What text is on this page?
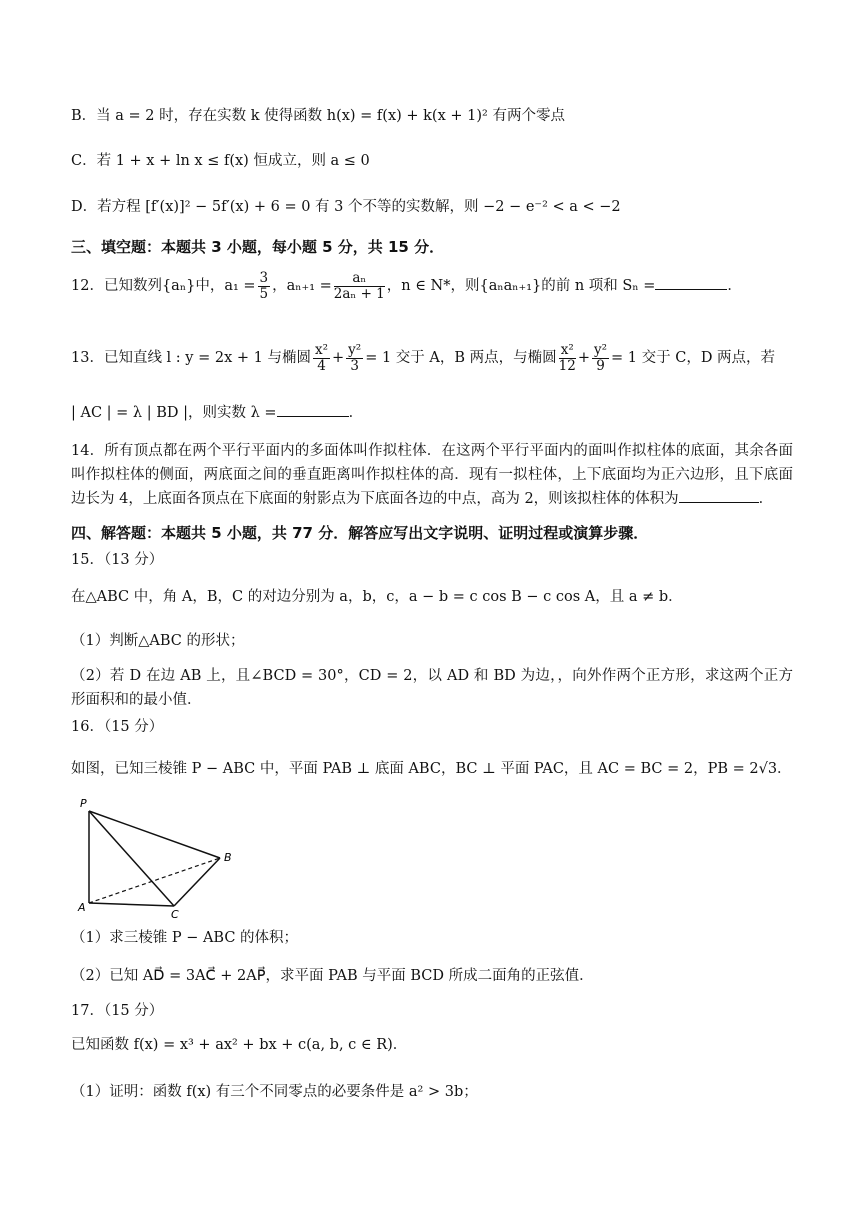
B．当 a = 2 时，存在实数 k 使得函数 h(x) = f(x) + k(x + 1)² 有两个零点
C．若 1 + x + ln x ≤ f(x) 恒成立，则 a ≤ 0
D．若方程 [f′(x)]² − 5f′(x) + 6 = 0 有 3 个不等的实数解，则 −2 − e⁻² < a < −2
三、填空题：本题共 3 小题，每小题 5 分，共 15 分．
12．已知数列{aₙ}中，$a_1 = \frac{3}{5}$ ，$a_{n+1} = \frac{\text{aₙ}}{\text{2aₙ + 1}}$ ，n ∈ N*，则{aₙaₙ₊₁}的前 n 项和 Sₙ =	．
13．已知直线 l : y = 2x + 1 与椭圆 $\frac{\text{x²}}{4} + \frac{\text{y²}}{3} = 1$ 交于 A，B 两点，与椭圆 $\frac{\text{x²}}{12} + \frac{\text{y²}}{9} = 1$ 交于 C，D 两点，若
| AC | = λ | BD |，则实数 λ =	．
14．所有顶点都在两个平行平面内的多面体叫作拟柱体．在这两个平行平面内的面叫作拟柱体的底面，其余各面叫作拟柱体的侧面，两底面之间的垂直距离叫作拟柱体的高．现有一拟柱体，上下底面均为正六边形，且下底面边长为 4，上底面各顶点在下底面的射影点为下底面各边的中点，高为 2，则该拟柱体的体积为	．
四、解答题：本题共 5 小题，共 77 分．解答应写出文字说明、证明过程或演算步骤．
15．（13 分）
在△ABC 中，角 A，B，C 的对边分别为 a，b，c，a − b = c cos B − c cos A，且 a ≠ b．
（1）判断△ABC 的形状；
（2）若 D 在边 AB 上，且∠BCD = 30°，CD = 2，以 AD 和 BD 为边，，向外作两个正方形，求这两个正方形面积和的最小值．
16．（15 分）
如图，已知三棱锥 P − ABC 中，平面 PAB ⊥ 底面 ABC，BC ⊥ 平面 PAC，且 AC = BC = 2，PB = 2√3．
P
A
B
C
（1）求三棱锥 P − ABC 的体积；
（2）已知 AD⃗ = 3AC⃗ + 2AP⃗，求平面 PAB 与平面 BCD 所成二面角的正弦值．
17．（15 分）
已知函数 f(x) = x³ + ax² + bx + c(a, b, c ∈ R)．
（1）证明：函数 f(x) 有三个不同零点的必要条件是 a² > 3b；
